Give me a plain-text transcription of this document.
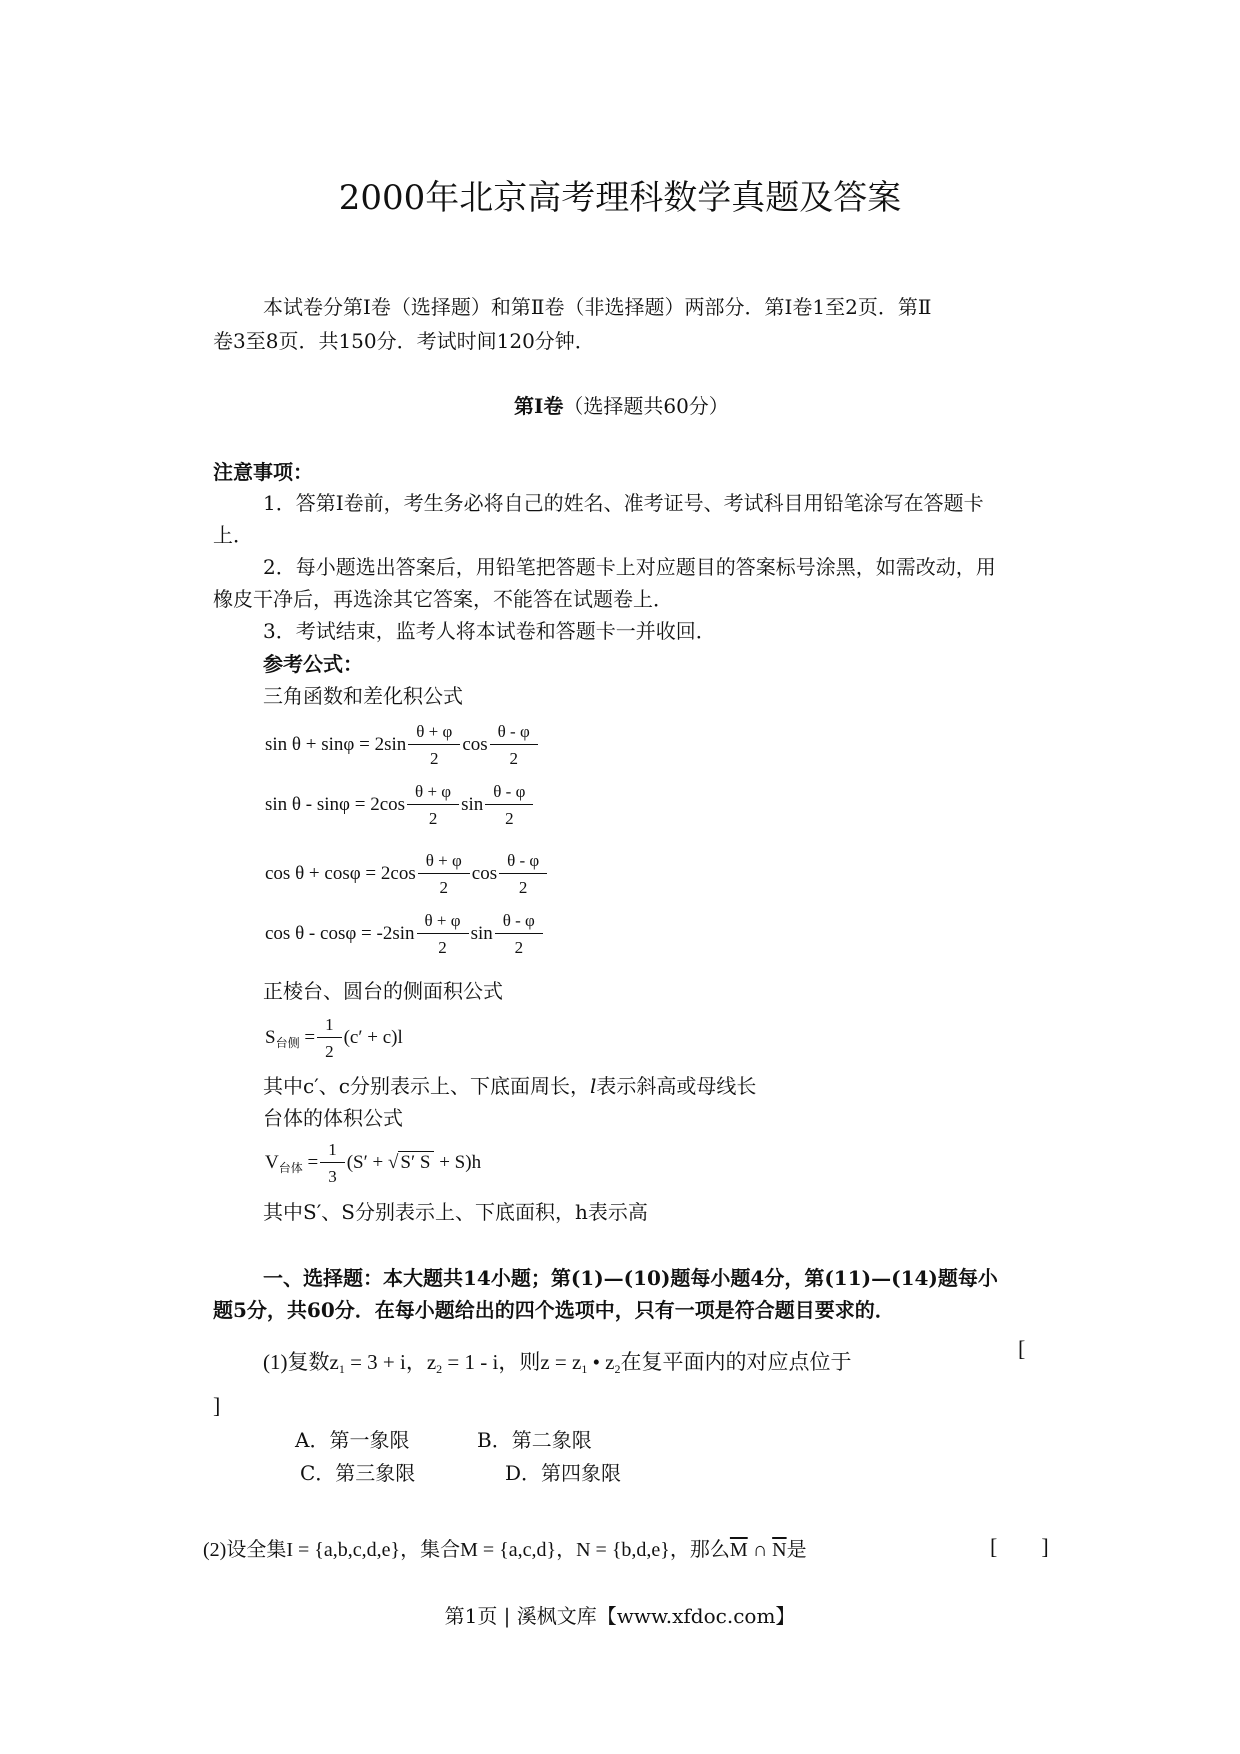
2000年北京高考理科数学真题及答案
本试卷分第Ⅰ卷（选择题）和第Ⅱ卷（非选择题）两部分．第Ⅰ卷1至2页．第Ⅱ
卷3至8页．共150分．考试时间120分钟．
第Ⅰ卷（选择题共60分）
注意事项：
1．答第Ⅰ卷前，考生务必将自己的姓名、准考证号、考试科目用铅笔涂写在答题卡
上．
2．每小题选出答案后，用铅笔把答题卡上对应题目的答案标号涂黑，如需改动，用
橡皮干净后，再选涂其它答案，不能答在试题卷上．
3．考试结束，监考人将本试卷和答题卡一并收回．
参考公式：
三角函数和差化积公式
$\sin \theta + \sin\varphi = 2\sin \frac{\theta + \varphi}{2}$ $\cos \frac{\theta - \varphi}{2}$
$\sin \theta - \sin\varphi = 2\cos \frac{\theta + \varphi}{2}$ $\sin \frac{\theta - \varphi}{2}$
$\cos \theta + \cos\varphi = 2\cos \frac{\theta + \varphi}{2}$ $\cos \frac{\theta - \varphi}{2}$
$\cos \theta - \cos\varphi = -2\sin \frac{\theta + \varphi}{2}$ $\sin \frac{\theta - \varphi}{2}$
正棱台、圆台的侧面积公式
$S_{台侧} = \frac{1}{2} (c' + c)l$
其中c′、c分别表示上、下底面周长，l表示斜高或母线长
台体的体积公式
$V_{台体} = \frac{1}{3} (S'$ + √ S′ S + S)h
其中S′、S分别表示上、下底面积，h表示高
一、选择题：本大题共14小题；第(1)—(10)题每小题4分，第(11)—(14)题每小
题5分，共60分．在每小题给出的四个选项中，只有一项是符合题目要求的．
(1)复数$z_1 = 3 + i$，$z_2 = 1 - i$，则$z = z_1$ • $z_2$在复平面内的对应点位于
[
]
A．第一象限	B．第二象限
C．第三象限	D．第四象限
(2)设全集I = {a,b,c,d,e}，集合M = {a,c,d}，N = {b,d,e}，那么$\overline{M}$ ∩ $\overline{N}$是	[　　]
第1页 | 溪枫文库【www.xfdoc.com】
